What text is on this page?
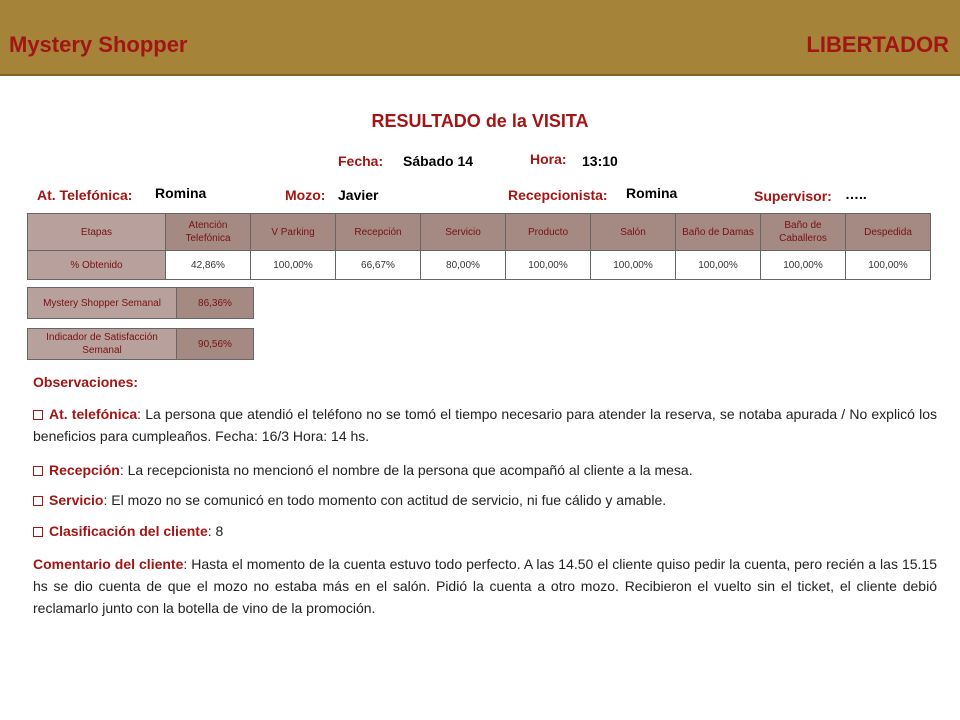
Mystery Shopper	LIBERTADOR
RESULTADO de la VISITA
Fecha: Sábado 14	Hora: 13:10
At. Telefónica: Romina	Mozo: Javier	Recepcionista: Romina	Supervisor: …..
Etapas	Atención Telefónica	V Parking	Recepción	Servicio	Producto	Salón	Baño de Damas	Baño de Caballeros	Despedida
% Obtenido	42,86%	100,00%	66,67%	80,00%	100,00%	100,00%	100,00%	100,00%	100,00%
Mystery Shopper Semanal	86,36%
Indicador de Satisfacción Semanal	90,56%
Observaciones:
At. telefónica: La persona que atendió el teléfono no se tomó el tiempo necesario para atender la reserva, se notaba apurada / No explicó los beneficios para cumpleaños. Fecha: 16/3 Hora: 14 hs.
Recepción: La recepcionista no mencionó el nombre de la persona que acompañó al cliente a la mesa.
Servicio: El mozo no se comunicó en todo momento con actitud de servicio, ni fue cálido y amable.
Clasificación del cliente: 8
Comentario del cliente: Hasta el momento de la cuenta estuvo todo perfecto. A las 14.50 el cliente quiso pedir la cuenta, pero recién a las 15.15 hs se dio cuenta de que el mozo no estaba más en el salón. Pidió la cuenta a otro mozo. Recibieron el vuelto sin el ticket, el cliente debió reclamarlo junto con la botella de vino de la promoción.
